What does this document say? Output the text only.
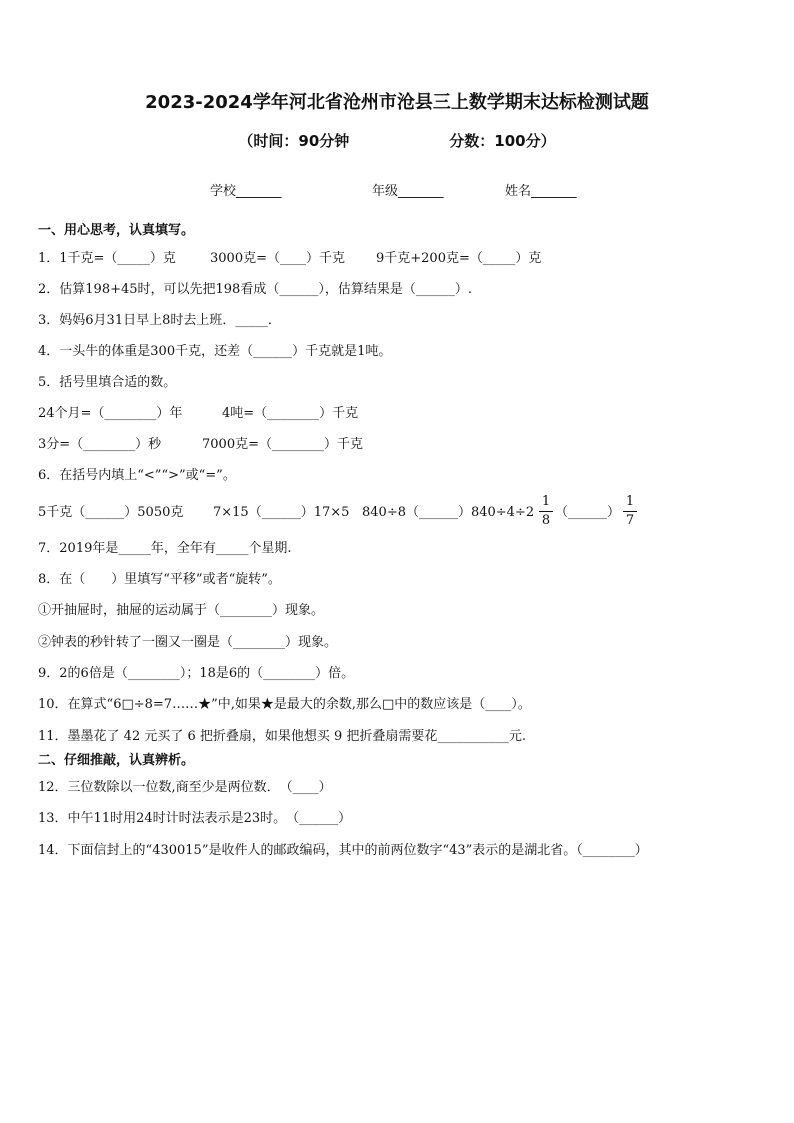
2023-2024学年河北省沧州市沧县三上数学期末达标检测试题
（时间：90分钟	分数：100分）
学校_______	年级_______	姓名_______
一、用心思考，认真填写。
1．1千克=（_____）克	3000克=（____）千克 9千克+200克=（_____）克
2．估算198+45时，可以先把198看成（______），估算结果是（______）.
3．妈妈6月31日早上8时去上班．_____．
4．一头牛的体重是300千克，还差（______）千克就是1吨。
5．括号里填合适的数。
24个月=（________）年	4吨=（________）千克
3分=（________）秒	7000克=（________）千克
6．在括号内填上“<”“>”或“=”。
5千克（______）5050克 7×15（______）17×5 840÷8（______）840÷4÷2
1
8
（______）
1
7
7．2019年是_____年，全年有_____个星期.
8．在（　　）里填写“平移”或者“旋转”。
①开抽屉时，抽屉的运动属于（________）现象。
②钟表的秒针转了一圈又一圈是（________）现象。
9．2的6倍是（________）；18是6的（________）倍。
10．在算式“6□÷8=7……★”中,如果★是最大的余数,那么□中的数应该是（____）。
11．墨墨花了 42 元买了 6 把折叠扇，如果他想买 9 把折叠扇需要花___________元.
二、仔细推敲，认真辨析。
12．三位数除以一位数,商至少是两位数．　（____）
13．中午11时用24时计时法表示是23时。　（______）
14．下面信封上的“430015”是收件人的邮政编码，其中的前两位数字“43”表示的是湖北省。（________）
